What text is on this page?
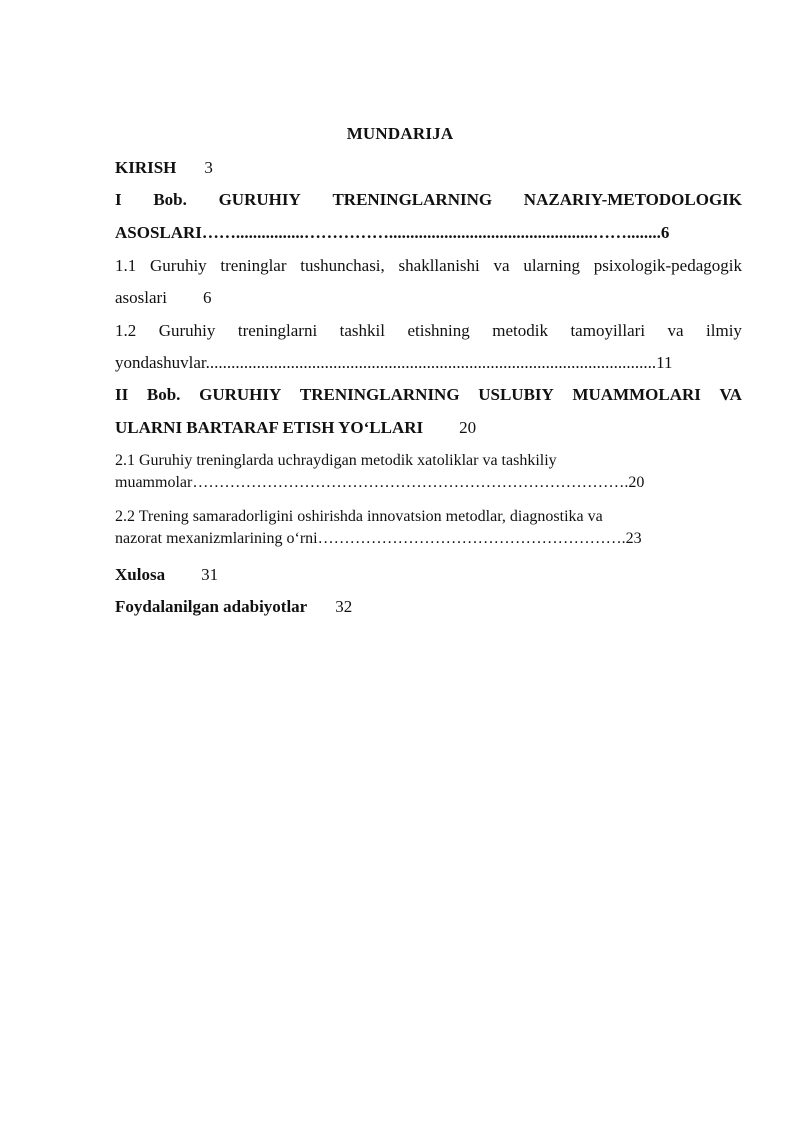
MUNDARIJA
KIRISH 3
I Bob. GURUHIY TRENINGLARNING NAZARIY-METODOLOGIK
ASOSLARI……................……………................................................……........6
1.1 Guruhiy treninglar tushunchasi, shakllanishi va ularning psixologik-pedagogik
asoslari 6
1.2 Guruhiy treninglarni tashkil etishning metodik tamoyillari va ilmiy
yondashuvlar..........................................................................................................11
II Bob. GURUHIY TRENINGLARNING USLUBIY MUAMMOLARI VA
ULARNI BARTARAF ETISH YO‘LLARI 20
2.1 Guruhiy treninglarda uchraydigan metodik xatoliklar va tashkiliy
muammolar……………………………………………………………………….20
2.2 Trening samaradorligini oshirishda innovatsion metodlar, diagnostika va
nazorat mexanizmlarining o‘rni………………………………………………….23
Xulosa 31
Foydalanilgan adabiyotlar 32
